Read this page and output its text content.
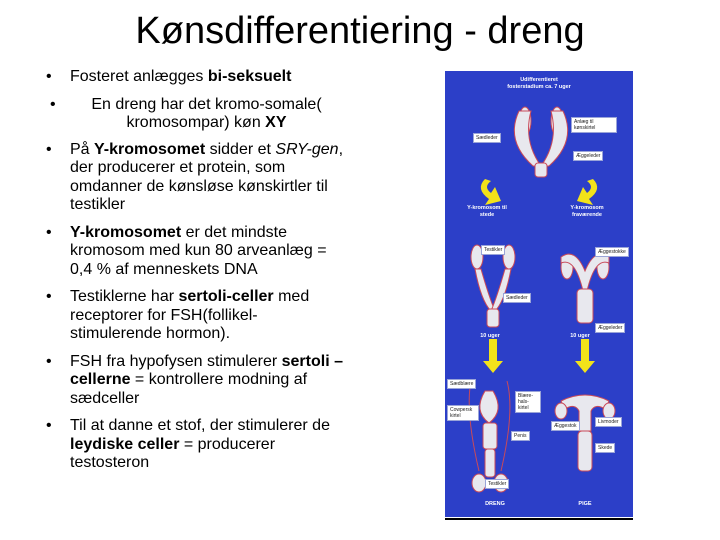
Kønsdifferentiering - dreng
• Fosteret anlægges bi-seksuelt
• En dreng har det kromo-somale( kromosompar) køn XY
• På Y-kromosomet sidder et SRY-gen, der producerer et protein, som omdanner de kønsløse kønskirtler til testikler
• Y-kromosomet er det mindste kromosom med kun 80 arveanlæg = 0,4 % af menneskets DNA
• Testiklerne har sertoli-celler med receptorer for FSH(follikel-stimulerende hormon).
• FSH fra hypofysen stimulerer sertoli – cellerne = kontrollere modning af sædceller
• Til at danne et stof, der stimulerer de leydiske celler = producerer testosteron
Udifferentieret fosterstadium ca. 7 uger
Anlæg til kønskirtel
Sædleder
Æggeleder
Y-kromosom til stede
Y-kromosom fraværende
Testikler	Æggestokke
Sædleder
Æggeleder
10 uger	10 uger
Sædblære
Blære-hals-kirtel
Cowpersk kirtel
Penis
Testikler
Æggestok
Livmoder
Skede
DRENG	PIGE
